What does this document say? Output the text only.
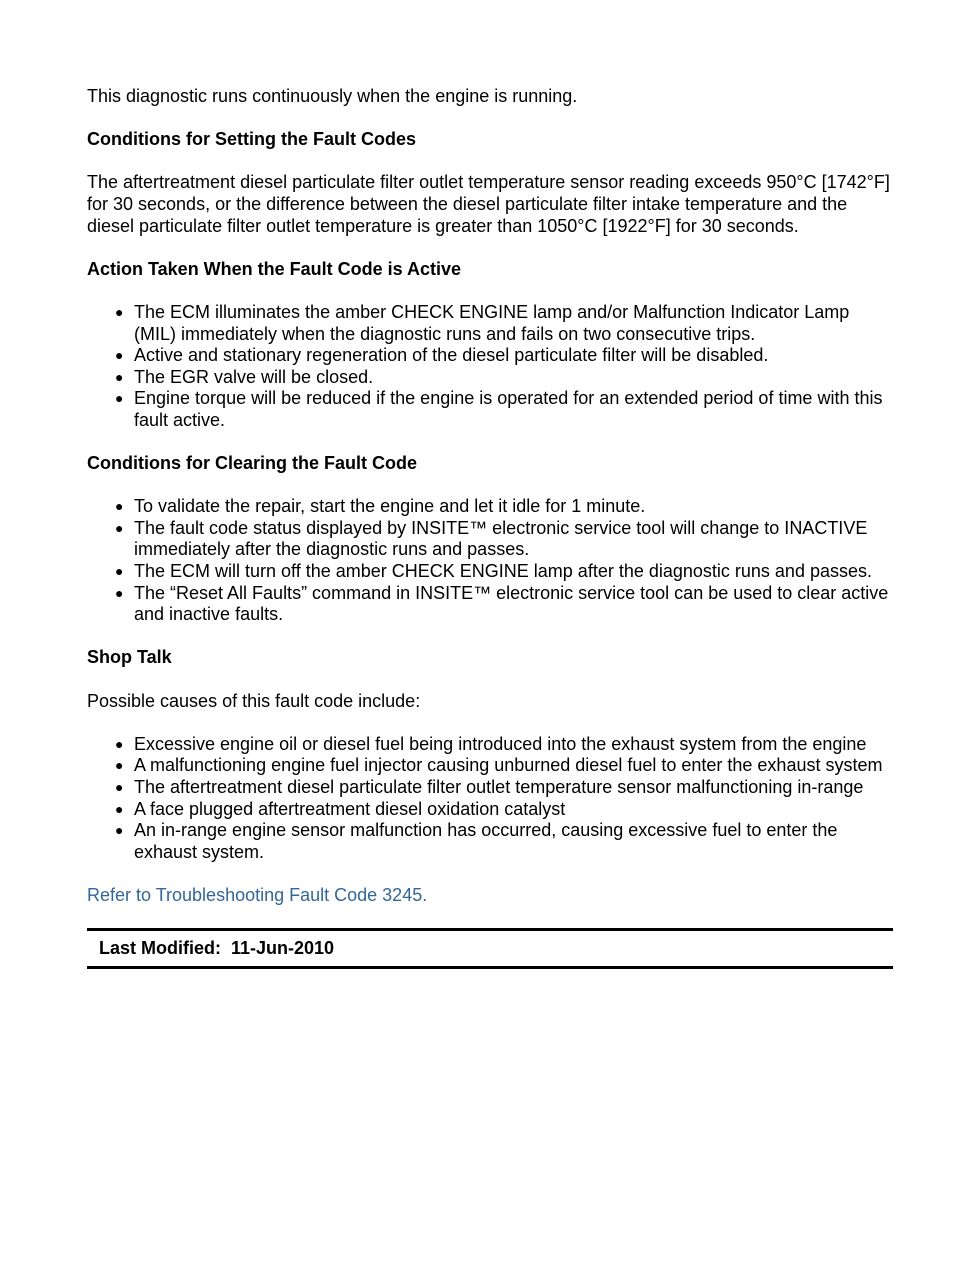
This diagnostic runs continuously when the engine is running.

Conditions for Setting the Fault Codes

The aftertreatment diesel particulate filter outlet temperature sensor reading exceeds 950°C [1742°F] for 30 seconds, or the difference between the diesel particulate filter intake temperature and the diesel particulate filter outlet temperature is greater than 1050°C [1922°F] for 30 seconds.

Action Taken When the Fault Code is Active
● The ECM illuminates the amber CHECK ENGINE lamp and/or Malfunction Indicator Lamp (MIL) immediately when the diagnostic runs and fails on two consecutive trips.
● Active and stationary regeneration of the diesel particulate filter will be disabled.
● The EGR valve will be closed.
● Engine torque will be reduced if the engine is operated for an extended period of time with this fault active.
Conditions for Clearing the Fault Code
● To validate the repair, start the engine and let it idle for 1 minute.
● The fault code status displayed by INSITE™ electronic service tool will change to INACTIVE immediately after the diagnostic runs and passes.
● The ECM will turn off the amber CHECK ENGINE lamp after the diagnostic runs and passes.
● The “Reset All Faults” command in INSITE™ electronic service tool can be used to clear active and inactive faults.
Shop Talk

Possible causes of this fault code include:

● Excessive engine oil or diesel fuel being introduced into the exhaust system from the engine
● A malfunctioning engine fuel injector causing unburned diesel fuel to enter the exhaust system
● The aftertreatment diesel particulate filter outlet temperature sensor malfunctioning in-range
● A face plugged aftertreatment diesel oxidation catalyst
● An in-range engine sensor malfunction has occurred, causing excessive fuel to enter the exhaust system.

Refer to Troubleshooting Fault Code 3245.

Last Modified:  11-Jun-2010
